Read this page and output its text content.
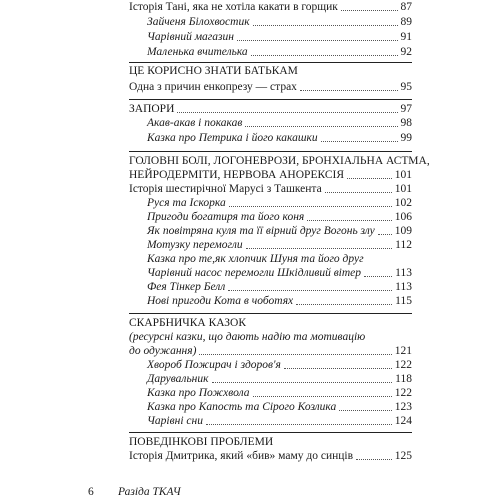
Історія Тані, яка не хотіла какати в горщик	87
Зайченя Білохвостик	89
Чарівний магазин	91
Маленька вчителька	92
ЦЕ КОРИСНО ЗНАТИ БАТЬКАМ
Одна з причин енкопрезу — страх	95
ЗАПОРИ	97
Акав-акав і покакав	98
Казка про Петрика і його какашки	99
ГОЛОВНІ БОЛІ, ЛОГОНЕВРОЗИ, БРОНХІАЛЬНА АСТМА,
НЕЙРОДЕРМІТИ, НЕРВОВА АНОРЕКСІЯ	101
Історія шестирічної Марусі з Ташкента	101
Руся та Іскорка	102
Пригоди богатиря та його коня	106
Як повітряна куля та її вірний друг Вогонь злу 109
Мотузку перемогли	112
Казка про те,як хлопчик Шуня та його друг
Чарівний насос перемогли Шкідливий вітер	113
Фея Тінкер Белл	113
Нові пригоди Кота в чоботях	115
СКАРБНИЧКА КАЗОК
(ресурсні казки, що дають надію та мотивацію
до одужання)	121
Хвороб Пожирач і здоров'я	122
Дарувальник	118
Казка про Пожхвола	122
Казка про Капость та Сірого Козлика	123
Чарівні сни	124
ПОВЕДІНКОВІ ПРОБЛЕМИ
Історія Дмитрика, який «бив» маму до синців	125
6 Разіда ТКАЧ
